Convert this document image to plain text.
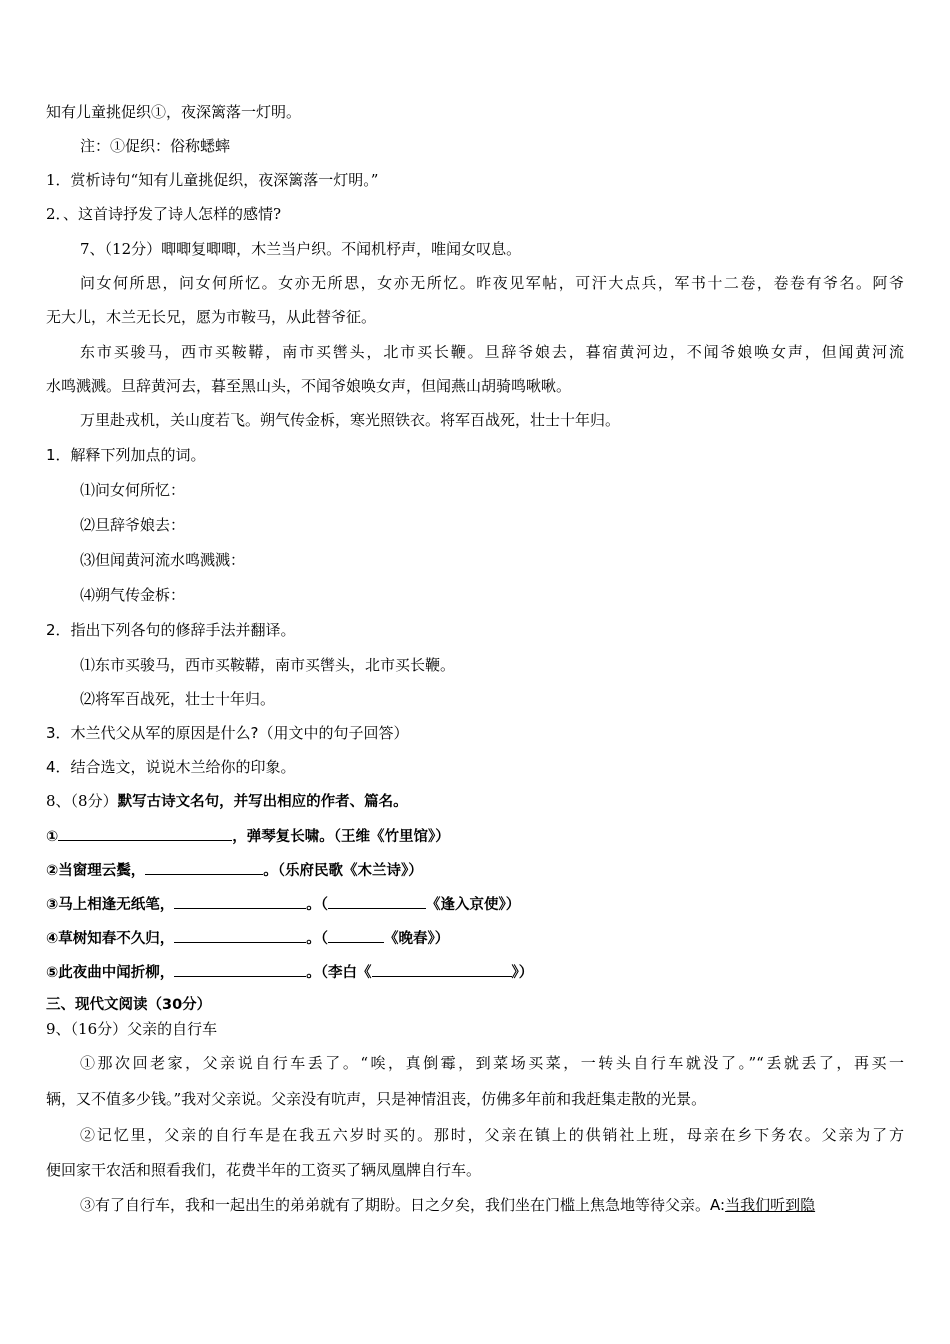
知有儿童挑促织①，夜深篱落一灯明。
注：①促织：俗称蟋蟀
1．赏析诗句“知有儿童挑促织，夜深篱落一灯明。”
2．、这首诗抒发了诗人怎样的感情?
7、（12分）唧唧复唧唧，木兰当户织。不闻机杼声，唯闻女叹息。
问女何所思，问女何所忆。女亦无所思，女亦无所忆。昨夜见军帖，可汗大点兵，军书十二卷，卷卷有爷名。阿爷
无大儿，木兰无长兄，愿为市鞍马，从此替爷征。
东市买骏马，西市买鞍鞯，南市买辔头，北市买长鞭。旦辞爷娘去，暮宿黄河边，不闻爷娘唤女声，但闻黄河流
水鸣溅溅。旦辞黄河去，暮至黑山头，不闻爷娘唤女声，但闻燕山胡骑鸣啾啾。
万里赴戎机，关山度若飞。朔气传金柝，寒光照铁衣。将军百战死，壮士十年归。
1．解释下列加点的词。
⑴问女何所忆：
⑵旦辞爷娘去：
⑶但闻黄河流水鸣溅溅：
⑷朔气传金柝：
2．指出下列各句的修辞手法并翻译。
⑴东市买骏马，西市买鞍鞯，南市买辔头，北市买长鞭。
⑵将军百战死，壮士十年归。
3．木兰代父从军的原因是什么?（用文中的句子回答）
4．结合选文，说说木兰给你的印象。
8、（8分）默写古诗文名句，并写出相应的作者、篇名。
①	，弹琴复长啸。（王维《竹里馆》）
②当窗理云鬓，	。（乐府民歌《木兰诗》）
③马上相逢无纸笔，	。（	《逢入京使》）
④草树知春不久归，	。（	《晚春》）
⑤此夜曲中闻折柳，	。（李白《	》）
三、现代文阅读（30分）
9、（16分）父亲的自行车
①那次回老家，父亲说自行车丢了。“唉，真倒霉，到菜场买菜，一转头自行车就没了。”“丢就丢了，再买一
辆，又不值多少钱。”我对父亲说。父亲没有吭声，只是神情沮丧，仿佛多年前和我赶集走散的光景。
②记忆里，父亲的自行车是在我五六岁时买的。那时，父亲在镇上的供销社上班，母亲在乡下务农。父亲为了方
便回家干农活和照看我们，花费半年的工资买了辆凤凰牌自行车。
③有了自行车，我和一起出生的弟弟就有了期盼。日之夕矣，我们坐在门槛上焦急地等待父亲。A:当我们听到隐
